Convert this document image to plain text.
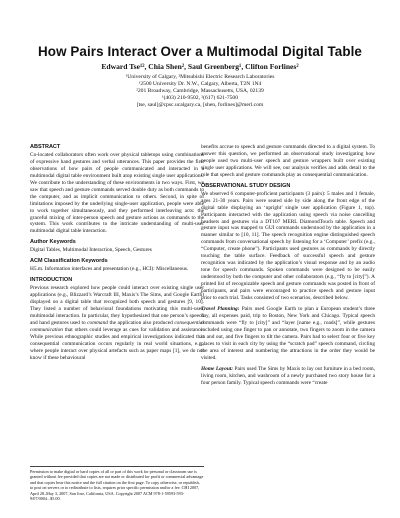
How Pairs Interact Over a Multimodal Digital Table
Edward Tse¹², Chia Shen², Saul Greenberg¹, Clifton Forlines²
¹University of Calgary, ²Mitsubishi Electric Research Laboratories
¹2500 University Dr. N.W., Calgary, Alberta, T2N 1N4
²201 Broadway, Cambridge, Massachusetts, USA, 02139
¹(403) 210-9502, ²(617) 621-7500
[tse, saul]@cpsc.ucalgary.ca, [shen, forlines]@merl.com
ABSTRACT
Co-located collaborators often work over physical tabletops using combinations of expressive hand gestures and verbal utterances. This paper provides the first observations of how pairs of people communicated and interacted in a multimodal digital table environment built atop existing single user applications. We contribute to the understanding of these environments in two ways. First, we saw that speech and gesture commands served double duty as both commands to the computer, and as implicit communication to others. Second, in spite of limitations imposed by the underlying single-user application, people were able to work together simultaneously, and they performed interleaving acts: the graceful mixing of inter-person speech and gesture actions as commands to the system. This work contributes to the intricate understanding of multi-user multimodal digital table interaction.
Author Keywords
Digital Tables, Multimodal Interaction, Speech, Gestures
ACM Classification Keywords
H5.m. Information interfaces and presentation (e.g., HCI): Miscellaneous.
INTRODUCTION
Previous research explored how people could interact over existing single user applications (e.g., Blizzard’s Warcraft III, Maxis’s The Sims, and Google Earth) displayed on a digital table that recognized both speech and gestures [9, 10]. They listed a number of behavioral foundations motivating this multi-user, multimodal interaction. In particular, they hypothesized that one person’s speech and hand gestures used to command the application also produced consequential communication that others could leverage as cues for validation and assistance. While previous ethnographic studies and empirical investigations indicated that consequential communication occurs regularly in real world situations, e.g., where people interact over physical artefacts such as paper maps [1], we do not know if these behavioural
Permission to make digital or hard copies of all or part of this work for personal or classroom use is granted without fee provided that copies are not made or distributed for profit or commercial advantage and that copies bear this notice and the full citation on the first page. To copy otherwise, or republish, to post on servers or to redistribute to lists, requires prior specific permission and/or a fee. CHI 2007, April 28–May 3, 2007, San Jose, California, USA. Copyright 2007 ACM 978-1-59593-593-9/07/0004...$5.00.
benefits accrue to speech and gesture commands directed to a digital system. To answer this question, we performed an observational study investigating how people used two multi-user speech and gesture wrappers built over existing single user applications. We will see, our analysis verifies and adds detail to the role that speech and gesture commands play as consequential communication.
OBSERVATIONAL STUDY DESIGN
We observed 6 computer-proficient participants (3 pairs): 5 males and 1 female, ages 21-30 years. Pairs were seated side by side along the front edge of the digital table displaying an ‘upright’ single user application (Figure 1, top). Participants interacted with the application using speech via noise cancelling headsets and gestures via a DT107 MERL DiamondTouch table. Speech and gesture input was mapped to GUI commands understood by the application in a manner similar to [10, 11]. The speech recognition engine distinguished speech commands from conversational speech by listening for a ‘Computer’ prefix (e.g., “Computer, create phone”). Participants used gestures as commands by directly touching the table surface. Feedback of successful speech and gesture recognition was indicated by the application’s visual response and by an audio tone for speech commands. Spoken commands were designed to be easily understood by both the computer and other collaborators (e.g., “fly to [city]”). A printed list of recognizable speech and gesture commands was posted in front of participants, and pairs were encouraged to practice speech and gesture input prior to each trial. Tasks consisted of two scenarios, described below.
Travel Planning: Pairs used Google Earth to plan a European student’s three day, all expenses paid, trip to Boston, New York and Chicago. Typical speech commands were “fly to [city]” and “layer [name e.g., roads]”, while gestures included using one finger to pan or annotate, two fingers to zoom in the camera in and out, and five fingers to tilt the camera. Pairs had to select four or five key places to visit in each city by using the “scratch pad” speech command, circling the area of interest and numbering the attractions in the order they would be visited.
Home Layout: Pairs used The Sims by Maxis to lay out furniture in a bed room, living room, kitchen, and washroom of a newly purchased two story house for a four person family. Typical speech commands were “create
